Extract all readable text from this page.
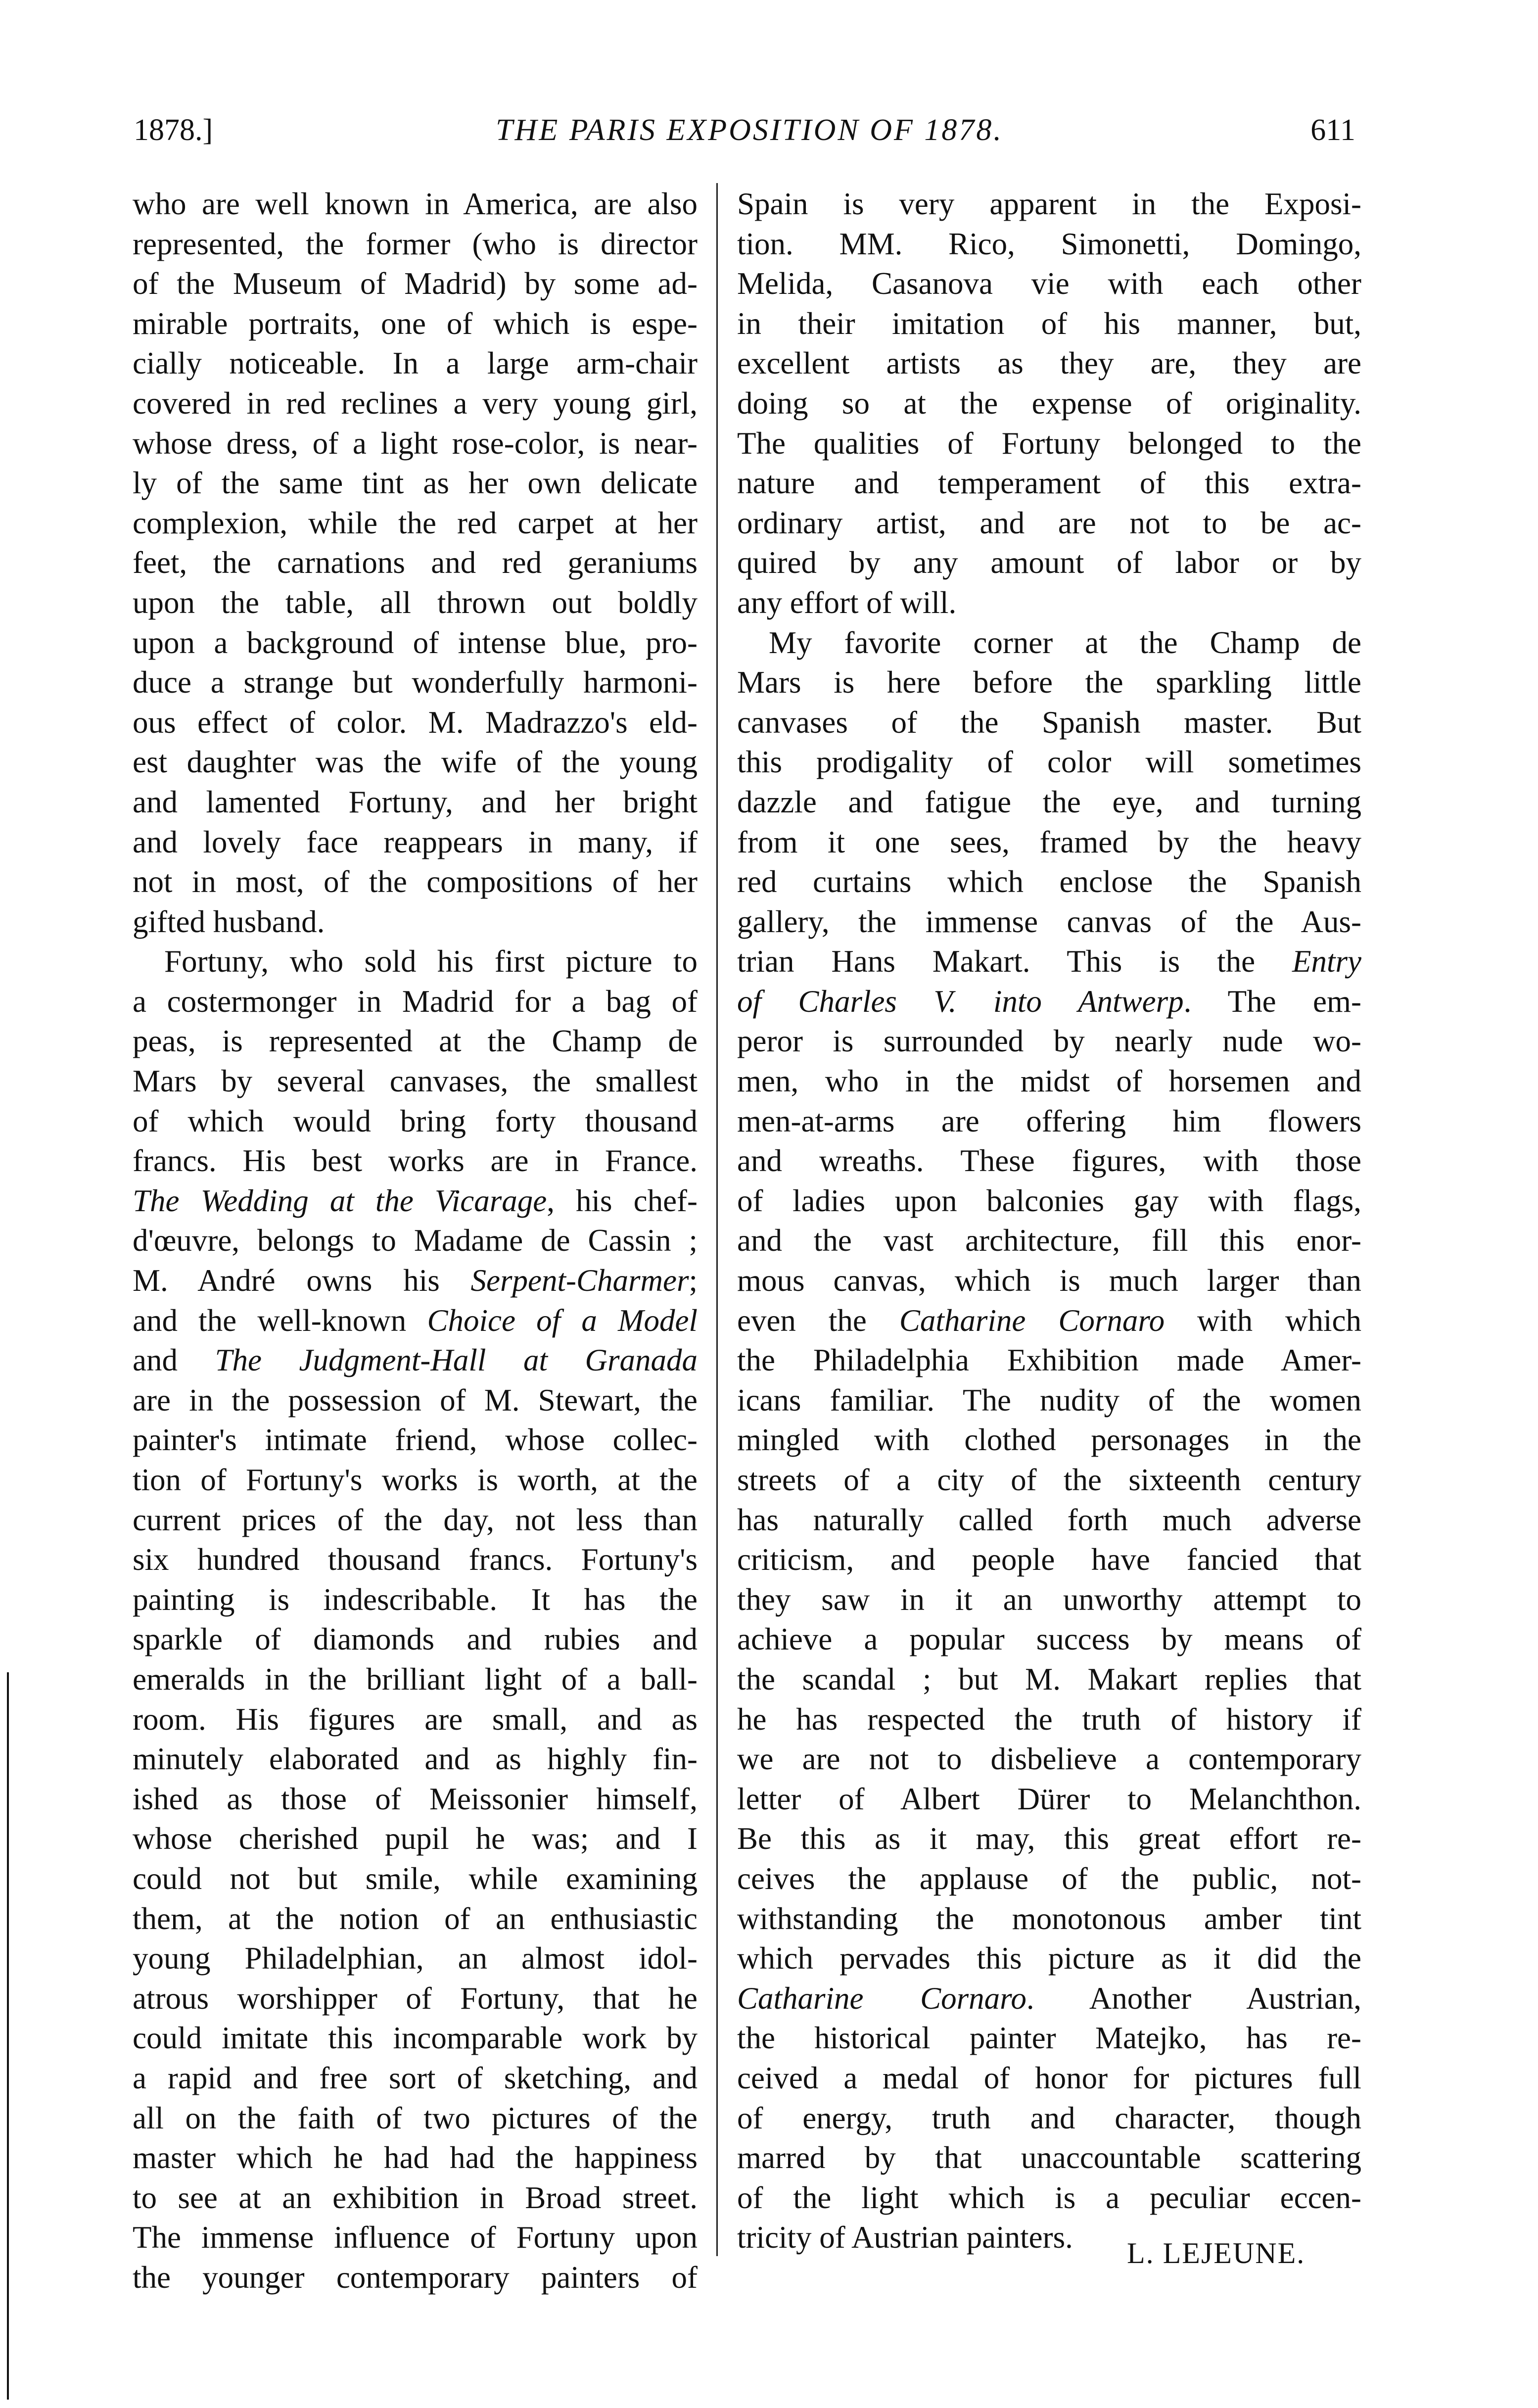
1878.]	THE PARIS EXPOSITION OF 1878.	611
who are well known in America, are also
represented, the former (who is director
of the Museum of Madrid) by some ad-
mirable portraits, one of which is espe-
cially noticeable. In a large arm-chair
covered in red reclines a very young girl,
whose dress, of a light rose-color, is near-
ly of the same tint as her own delicate
complexion, while the red carpet at her
feet, the carnations and red geraniums
upon the table, all thrown out boldly
upon a background of intense blue, pro-
duce a strange but wonderfully harmoni-
ous effect of color. M. Madrazzo's eld-
est daughter was the wife of the young
and lamented Fortuny, and her bright
and lovely face reappears in many, if
not in most, of the compositions of her
gifted husband.
Fortuny, who sold his first picture to
a costermonger in Madrid for a bag of
peas, is represented at the Champ de
Mars by several canvases, the smallest
of which would bring forty thousand
francs. His best works are in France.
The Wedding at the Vicarage, his chef-
d'œuvre, belongs to Madame de Cassin ;
M. André owns his Serpent-Charmer;
and the well-known Choice of a Model
and The Judgment-Hall at Granada
are in the possession of M. Stewart, the
painter's intimate friend, whose collec-
tion of Fortuny's works is worth, at the
current prices of the day, not less than
six hundred thousand francs. Fortuny's
painting is indescribable. It has the
sparkle of diamonds and rubies and
emeralds in the brilliant light of a ball-
room. His figures are small, and as
minutely elaborated and as highly fin-
ished as those of Meissonier himself,
whose cherished pupil he was; and I
could not but smile, while examining
them, at the notion of an enthusiastic
young Philadelphian, an almost idol-
atrous worshipper of Fortuny, that he
could imitate this incomparable work by
a rapid and free sort of sketching, and
all on the faith of two pictures of the
master which he had had the happiness
to see at an exhibition in Broad street.
The immense influence of Fortuny upon
the younger contemporary painters of
Spain is very apparent in the Exposi-
tion. MM. Rico, Simonetti, Domingo,
Melida, Casanova vie with each other
in their imitation of his manner, but,
excellent artists as they are, they are
doing so at the expense of originality.
The qualities of Fortuny belonged to the
nature and temperament of this extra-
ordinary artist, and are not to be ac-
quired by any amount of labor or by
any effort of will.
My favorite corner at the Champ de
Mars is here before the sparkling little
canvases of the Spanish master. But
this prodigality of color will sometimes
dazzle and fatigue the eye, and turning
from it one sees, framed by the heavy
red curtains which enclose the Spanish
gallery, the immense canvas of the Aus-
trian Hans Makart. This is the Entry
of Charles V. into Antwerp. The em-
peror is surrounded by nearly nude wo-
men, who in the midst of horsemen and
men-at-arms are offering him flowers
and wreaths. These figures, with those
of ladies upon balconies gay with flags,
and the vast architecture, fill this enor-
mous canvas, which is much larger than
even the Catharine Cornaro with which
the Philadelphia Exhibition made Amer-
icans familiar. The nudity of the women
mingled with clothed personages in the
streets of a city of the sixteenth century
has naturally called forth much adverse
criticism, and people have fancied that
they saw in it an unworthy attempt to
achieve a popular success by means of
the scandal ; but M. Makart replies that
he has respected the truth of history if
we are not to disbelieve a contemporary
letter of Albert Dürer to Melanchthon.
Be this as it may, this great effort re-
ceives the applause of the public, not-
withstanding the monotonous amber tint
which pervades this picture as it did the
Catharine Cornaro. Another Austrian,
the historical painter Matejko, has re-
ceived a medal of honor for pictures full
of energy, truth and character, though
marred by that unaccountable scattering
of the light which is a peculiar eccen-
tricity of Austrian painters.	L. LEJEUNE.
